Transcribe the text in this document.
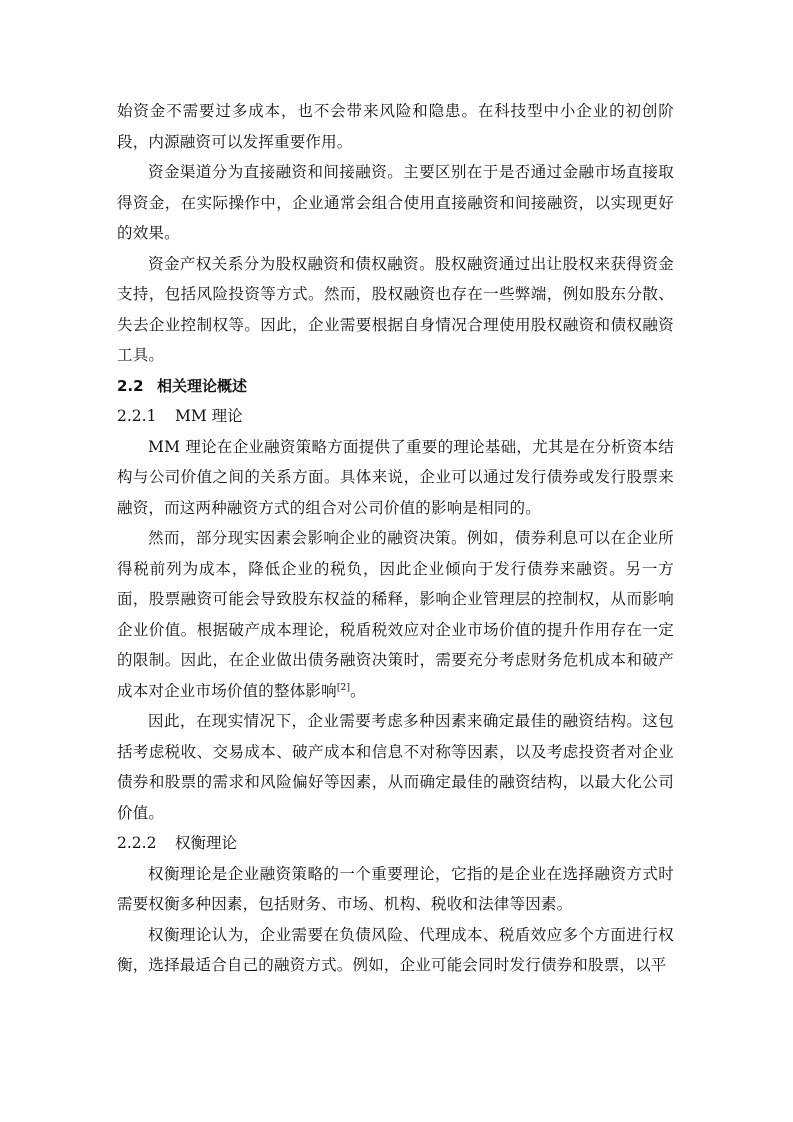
始资金不需要过多成本，也不会带来风险和隐患。在科技型中小企业的初创阶段，内源融资可以发挥重要作用。

资金渠道分为直接融资和间接融资。主要区别在于是否通过金融市场直接取得资金，在实际操作中，企业通常会组合使用直接融资和间接融资，以实现更好的效果。

资金产权关系分为股权融资和债权融资。股权融资通过出让股权来获得资金支持，包括风险投资等方式。然而，股权融资也存在一些弊端，例如股东分散、失去企业控制权等。因此，企业需要根据自身情况合理使用股权融资和债权融资工具。

2.2 相关理论概述
2.2.1 MM 理论

MM 理论在企业融资策略方面提供了重要的理论基础，尤其是在分析资本结构与公司价值之间的关系方面。具体来说，企业可以通过发行债券或发行股票来融资，而这两种融资方式的组合对公司价值的影响是相同的。

然而，部分现实因素会影响企业的融资决策。例如，债券利息可以在企业所得税前列为成本，降低企业的税负，因此企业倾向于发行债券来融资。另一方面，股票融资可能会导致股东权益的稀释，影响企业管理层的控制权，从而影响企业价值。根据破产成本理论，税盾税效应对企业市场价值的提升作用存在一定的限制。因此，在企业做出债务融资决策时，需要充分考虑财务危机成本和破产成本对企业市场价值的整体影响[2]。

因此，在现实情况下，企业需要考虑多种因素来确定最佳的融资结构。这包括考虑税收、交易成本、破产成本和信息不对称等因素，以及考虑投资者对企业债券和股票的需求和风险偏好等因素，从而确定最佳的融资结构，以最大化公司价值。

2.2.2 权衡理论

权衡理论是企业融资策略的一个重要理论，它指的是企业在选择融资方式时需要权衡多种因素，包括财务、市场、机构、税收和法律等因素。

权衡理论认为，企业需要在负债风险、代理成本、税盾效应多个方面进行权衡，选择最适合自己的融资方式。例如，企业可能会同时发行债券和股票，以平
